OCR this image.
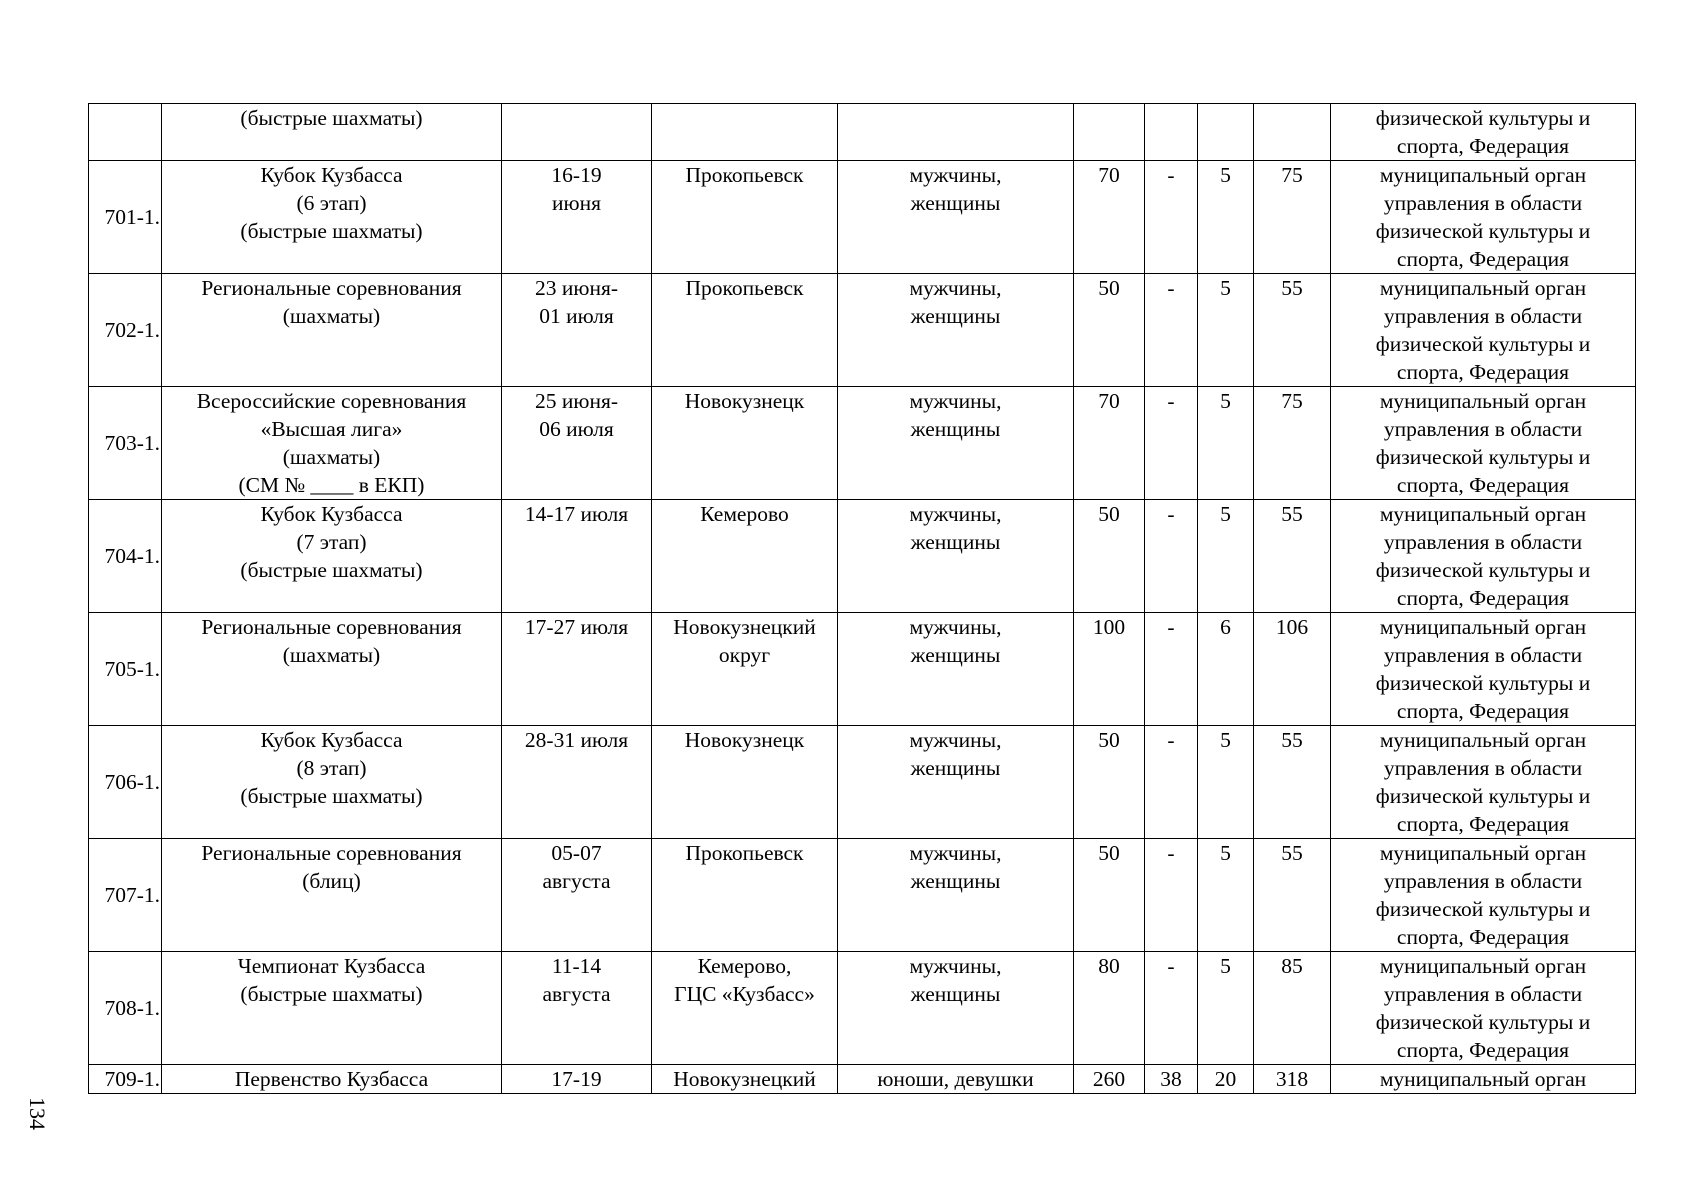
	(быстрые шахматы)								физической культуры и
спорта, Федерация

701-1.	Кубок Кузбасса
(6 этап)
(быстрые шахматы)	16-19
июня	Прокопьевск	мужчины,
женщины	70	-	5	75	муниципальный орган
управления в области
физической культуры и
спорта, Федерация

702-1.	Региональные соревнования
(шахматы)	23 июня-
01 июля	Прокопьевск	мужчины,
женщины	50	-	5	55	муниципальный орган
управления в области
физической культуры и
спорта, Федерация

703-1.	Всероссийские соревнования
«Высшая лига»
(шахматы)
(СМ № ____ в ЕКП)	25 июня-
06 июля	Новокузнецк	мужчины,
женщины	70	-	5	75	муниципальный орган
управления в области
физической культуры и
спорта, Федерация

704-1.	Кубок Кузбасса
(7 этап)
(быстрые шахматы)	14-17 июля	Кемерово	мужчины,
женщины	50	-	5	55	муниципальный орган
управления в области
физической культуры и
спорта, Федерация

705-1.	Региональные соревнования
(шахматы)	17-27 июля	Новокузнецкий
округ	мужчины,
женщины	100	-	6	106	муниципальный орган
управления в области
физической культуры и
спорта, Федерация

706-1.	Кубок Кузбасса
(8 этап)
(быстрые шахматы)	28-31 июля	Новокузнецк	мужчины,
женщины	50	-	5	55	муниципальный орган
управления в области
физической культуры и
спорта, Федерация

707-1.	Региональные соревнования
(блиц)	05-07
августа	Прокопьевск	мужчины,
женщины	50	-	5	55	муниципальный орган
управления в области
физической культуры и
спорта, Федерация

708-1.	Чемпионат Кузбасса
(быстрые шахматы)	11-14
августа	Кемерово,
ГЦС «Кузбасс»	мужчины,
женщины	80	-	5	85	муниципальный орган
управления в области
физической культуры и
спорта, Федерация

709-1.	Первенство Кузбасса	17-19	Новокузнецкий	юноши, девушки	260	38	20	318	муниципальный орган
134
